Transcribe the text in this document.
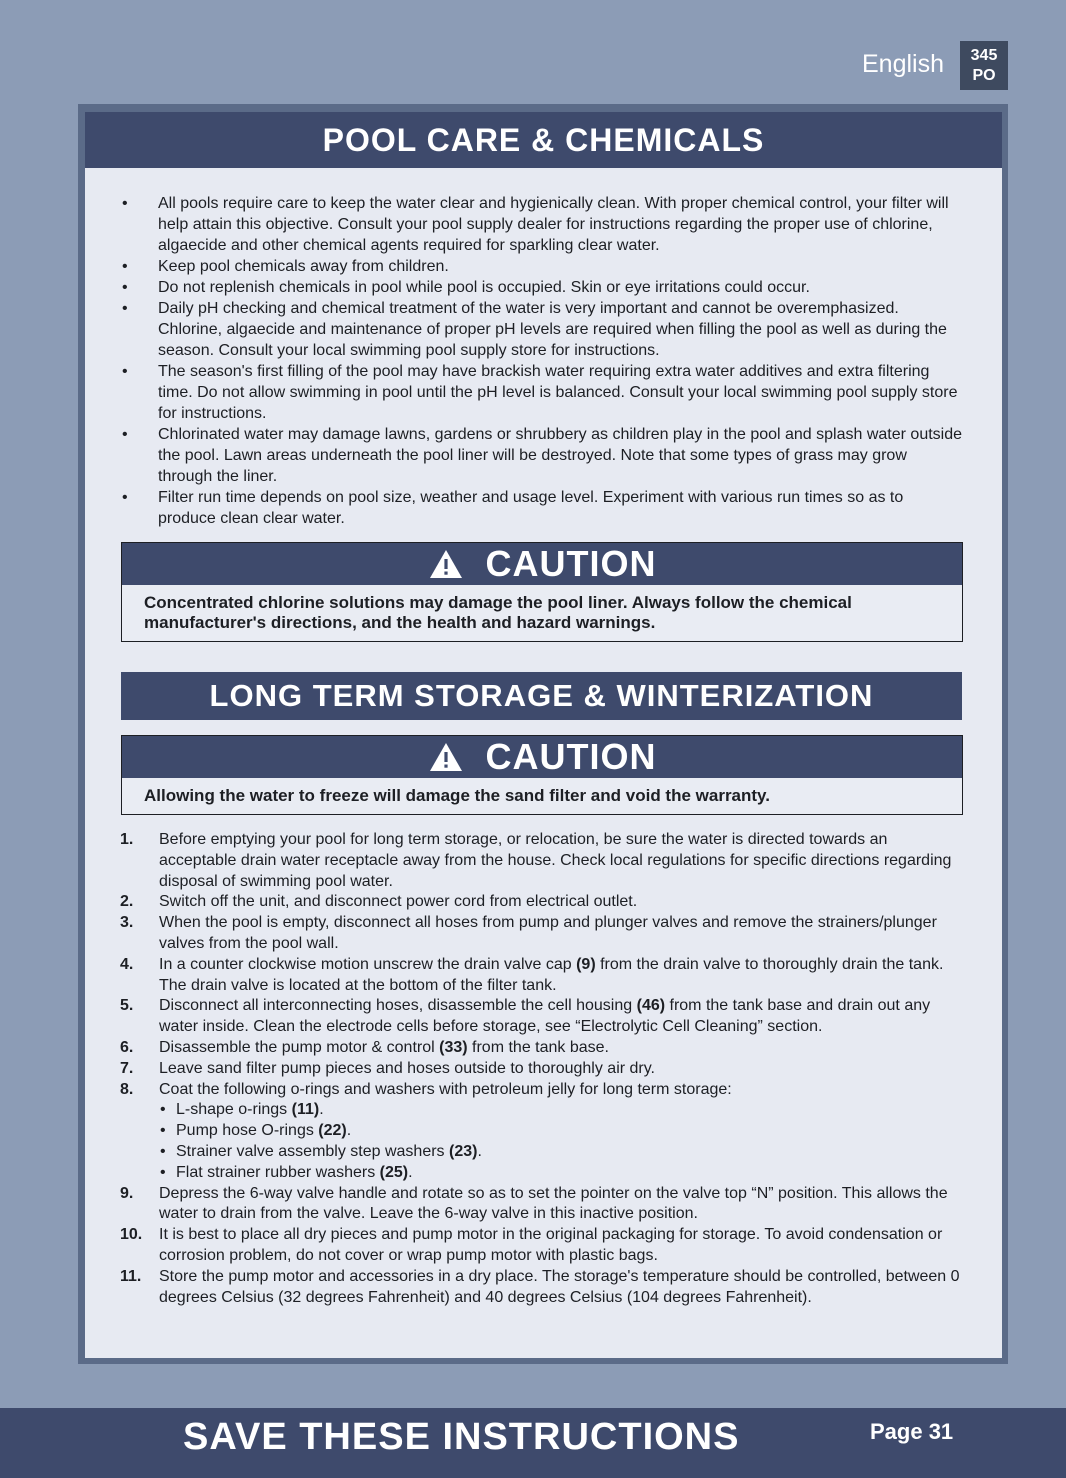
English 345
PO
POOL CARE & CHEMICALS
• All pools require care to keep the water clear and hygienically clean. With proper chemical control, your filter will help attain this objective. Consult your pool supply dealer for instructions regarding the proper use of chlorine, algaecide and other chemical agents required for sparkling clear water.
• Keep pool chemicals away from children.
• Do not replenish chemicals in pool while pool is occupied. Skin or eye irritations could occur.
• Daily pH checking and chemical treatment of the water is very important and cannot be overemphasized. Chlorine, algaecide and maintenance of proper pH levels are required when filling the pool as well as during the season. Consult your local swimming pool supply store for instructions.
• The season's first filling of the pool may have brackish water requiring extra water additives and extra filtering time. Do not allow swimming in pool until the pH level is balanced. Consult your local swimming pool supply store for instructions.
• Chlorinated water may damage lawns, gardens or shrubbery as children play in the pool and splash water outside the pool. Lawn areas underneath the pool liner will be destroyed. Note that some types of grass may grow through the liner.
• Filter run time depends on pool size, weather and usage level. Experiment with various run times so as to produce clean clear water.
CAUTION
Concentrated chlorine solutions may damage the pool liner. Always follow the chemical manufacturer's directions, and the health and hazard warnings.
LONG TERM STORAGE & WINTERIZATION
CAUTION
Allowing the water to freeze will damage the sand filter and void the warranty.
1.	Before emptying your pool for long term storage, or relocation, be sure the water is directed towards an acceptable drain water receptacle away from the house. Check local regulations for specific directions regarding disposal of swimming pool water.
2.	Switch off the unit, and disconnect power cord from electrical outlet.
3.	When the pool is empty, disconnect all hoses from pump and plunger valves and remove the strainers/plunger valves from the pool wall.
4.	In a counter clockwise motion unscrew the drain valve cap (9) from the drain valve to thoroughly drain the tank. The drain valve is located at the bottom of the filter tank.
5.	Disconnect all interconnecting hoses, disassemble the cell housing (46) from the tank base and drain out any water inside. Clean the electrode cells before storage, see “Electrolytic Cell Cleaning” section.
6.	Disassemble the pump motor & control (33) from the tank base.
7.	Leave sand filter pump pieces and hoses outside to thoroughly air dry.
8.	Coat the following o-rings and washers with petroleum jelly for long term storage:
• L-shape o-rings (11).
• Pump hose O-rings (22).
• Strainer valve assembly step washers (23).
• Flat strainer rubber washers (25).
9.	Depress the 6-way valve handle and rotate so as to set the pointer on the valve top “N” position. This allows the water to drain from the valve. Leave the 6-way valve in this inactive position.
10.	It is best to place all dry pieces and pump motor in the original packaging for storage. To avoid condensation or corrosion problem, do not cover or wrap pump motor with plastic bags.
11.	Store the pump motor and accessories in a dry place. The storage's temperature should be controlled, between 0 degrees Celsius (32 degrees Fahrenheit) and 40 degrees Celsius (104 degrees Fahrenheit).
SAVE THESE INSTRUCTIONS	Page 31
